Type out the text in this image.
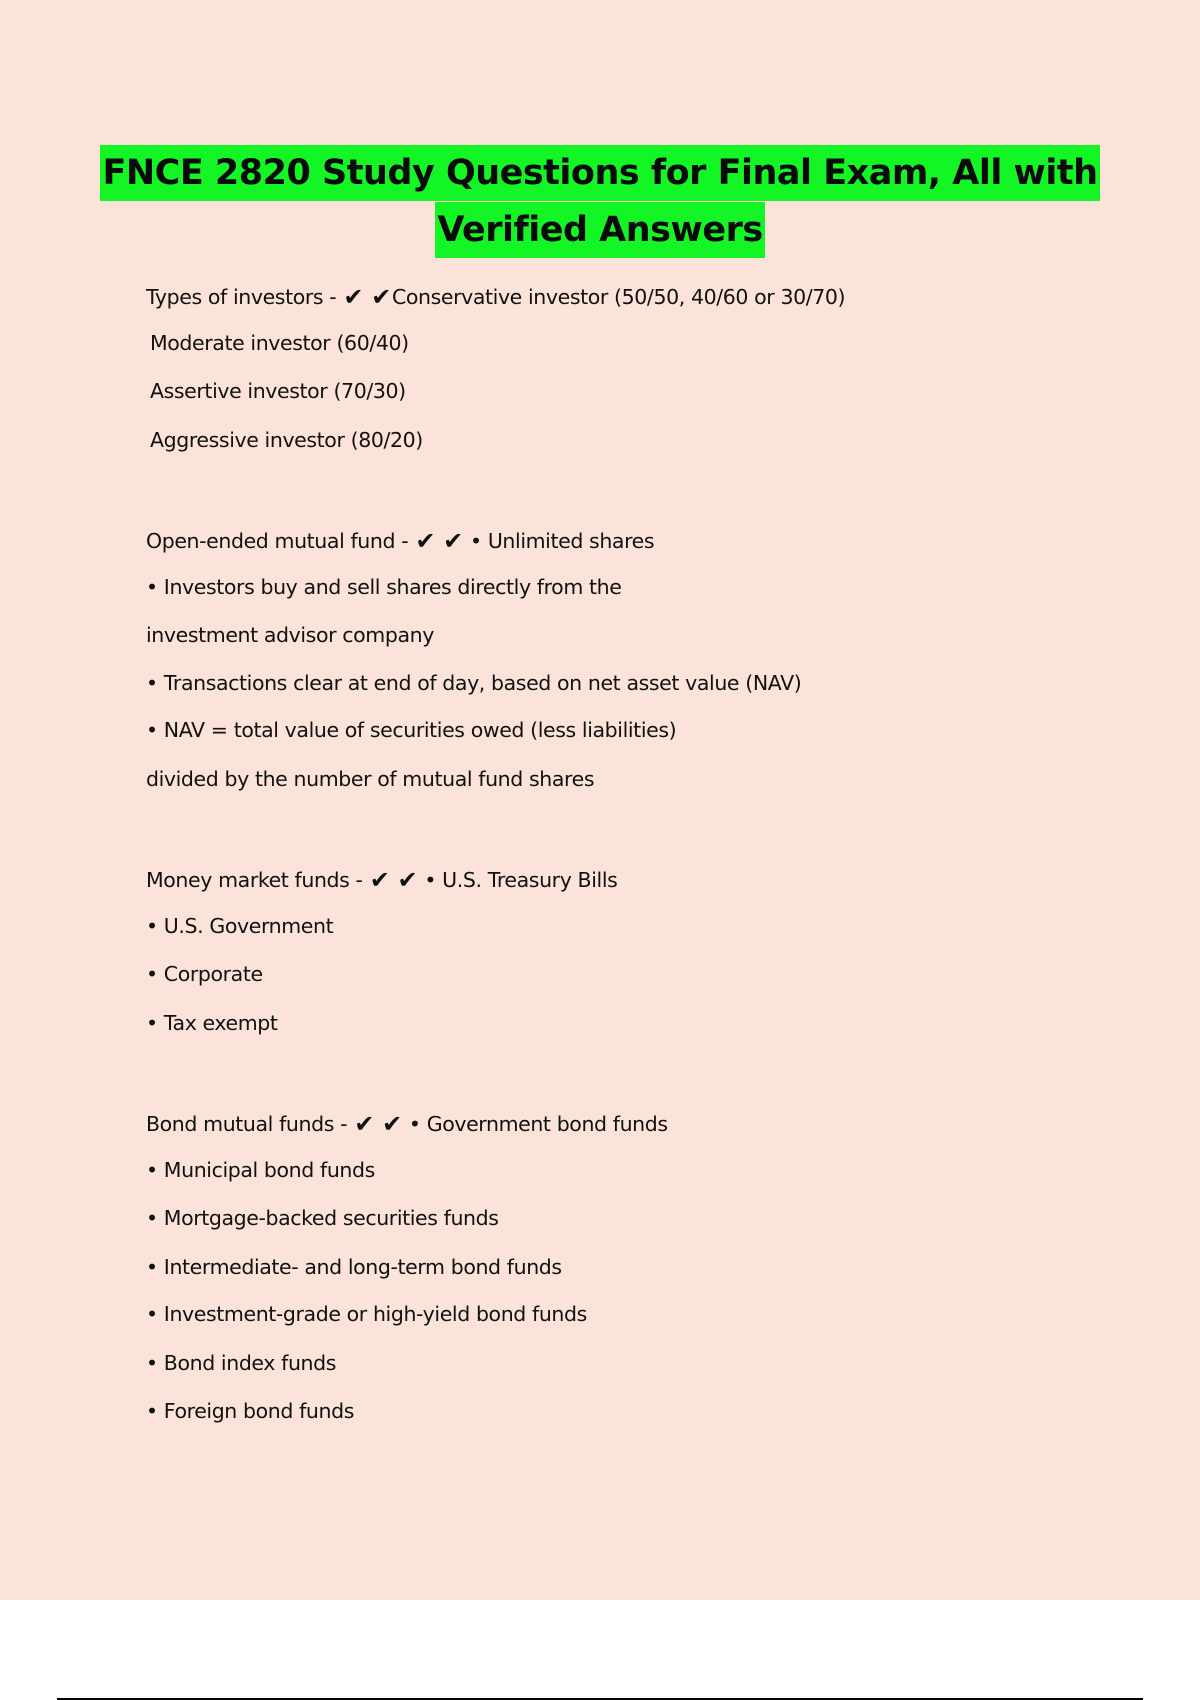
FNCE 2820 Study Questions for Final Exam, All with
Verified Answers
Types of investors - ✔ ✔Conservative investor (50/50, 40/60 or 30/70)
Moderate investor (60/40)
Assertive investor (70/30)
Aggressive investor (80/20)
Open-ended mutual fund - ✔ ✔ • Unlimited shares
• Investors buy and sell shares directly from the
investment advisor company
• Transactions clear at end of day, based on net asset value (NAV)
• NAV = total value of securities owed (less liabilities)
divided by the number of mutual fund shares
Money market funds - ✔ ✔ • U.S. Treasury Bills
• U.S. Government
• Corporate
• Tax exempt
Bond mutual funds - ✔ ✔ • Government bond funds
• Municipal bond funds
• Mortgage-backed securities funds
• Intermediate- and long-term bond funds
• Investment-grade or high-yield bond funds
• Bond index funds
• Foreign bond funds
